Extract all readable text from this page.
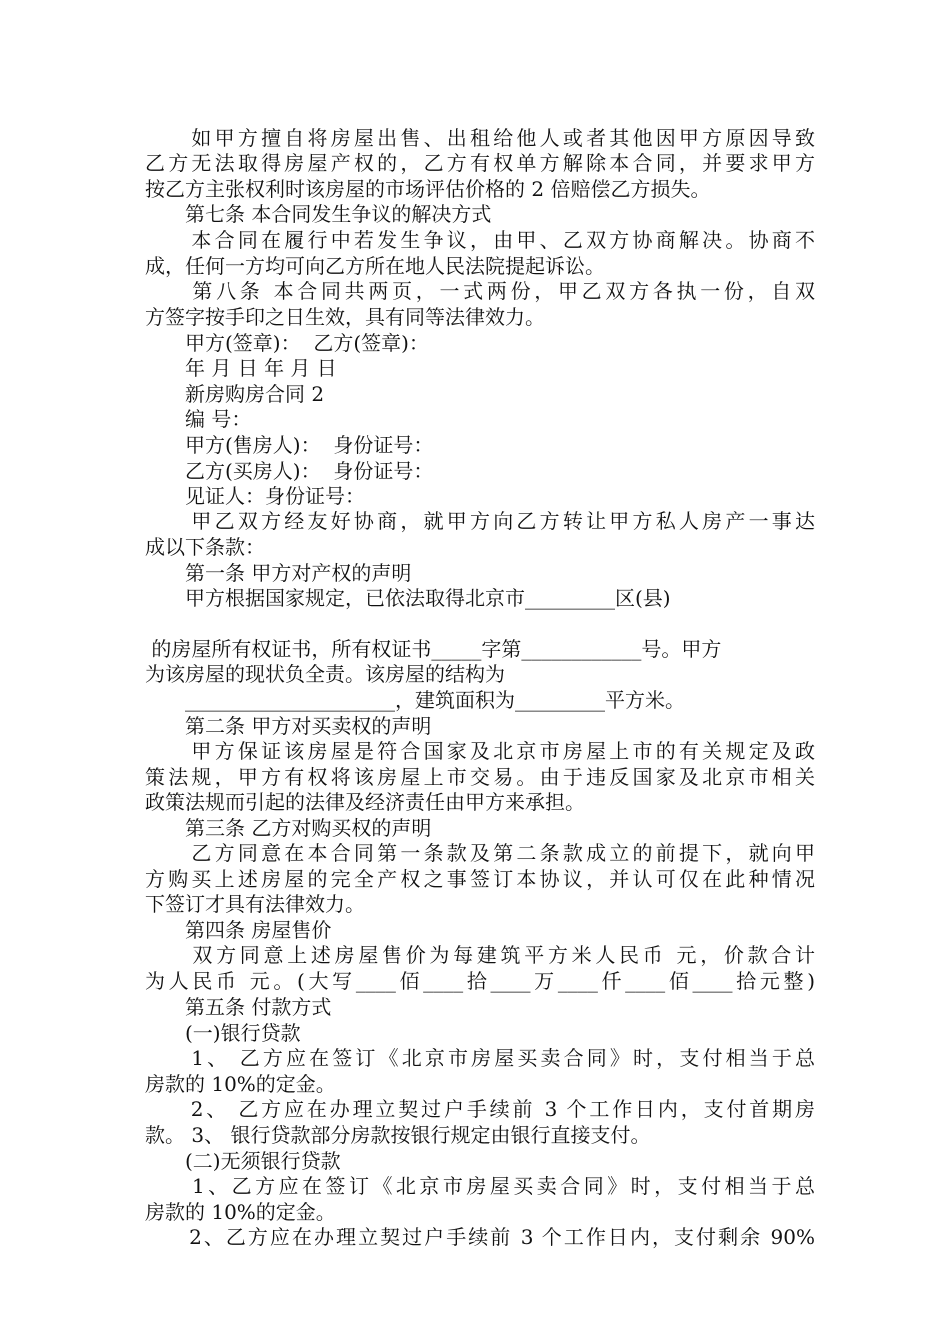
　　如甲方擅自将房屋出售、出租给他人或者其他因甲方原因导致
乙方无法取得房屋产权的，乙方有权单方解除本合同，并要求甲方
按乙方主张权利时该房屋的市场评估价格的 2 倍赔偿乙方损失。
　　第七条 本合同发生争议的解决方式
　　本合同在履行中若发生争议，由甲、乙双方协商解决。协商不
成，任何一方均可向乙方所在地人民法院提起诉讼。
　　第八条 本合同共两页，一式两份，甲乙双方各执一份，自双
方签字按手印之日生效，具有同等法律效力。
　　甲方(签章)：  乙方(签章)：
　　年 月 日 年 月 日
　　新房购房合同 2
　　编 号：
　　甲方(售房人)：  身份证号：
　　乙方(买房人)：  身份证号：
　　见证人：身份证号：
　　甲乙双方经友好协商，就甲方向乙方转让甲方私人房产一事达
成以下条款：
　　第一条 甲方对产权的声明
　　甲方根据国家规定，已依法取得北京市_________区(县)
的房屋所有权证书，所有权证书_____字第____________号。甲方
为该房屋的现状负全责。该房屋的结构为
　　_____________________，建筑面积为_________平方米。
　　第二条 甲方对买卖权的声明
　　甲方保证该房屋是符合国家及北京市房屋上市的有关规定及政
策法规，甲方有权将该房屋上市交易。由于违反国家及北京市相关
政策法规而引起的法律及经济责任由甲方来承担。
　　第三条 乙方对购买权的声明
　　乙方同意在本合同第一条款及第二条款成立的前提下，就向甲
方购买上述房屋的完全产权之事签订本协议，并认可仅在此种情况
下签订才具有法律效力。
　　第四条 房屋售价
　　双方同意上述房屋售价为每建筑平方米人民币 元，价款合计
为人民币 元。(大写____佰____拾____万____仟____佰____拾元整)
　　第五条 付款方式
　　(一)银行贷款
　　1、 乙方应在签订《北京市房屋买卖合同》时，支付相当于总
房款的 10%的定金。
　　2、 乙方应在办理立契过户手续前 3 个工作日内，支付首期房
款。 3、 银行贷款部分房款按银行规定由银行直接支付。
　　(二)无须银行贷款
　　1、乙方应在签订《北京市房屋买卖合同》时，支付相当于总
房款的 10%的定金。
　　2、乙方应在办理立契过户手续前 3 个工作日内，支付剩余 90%
